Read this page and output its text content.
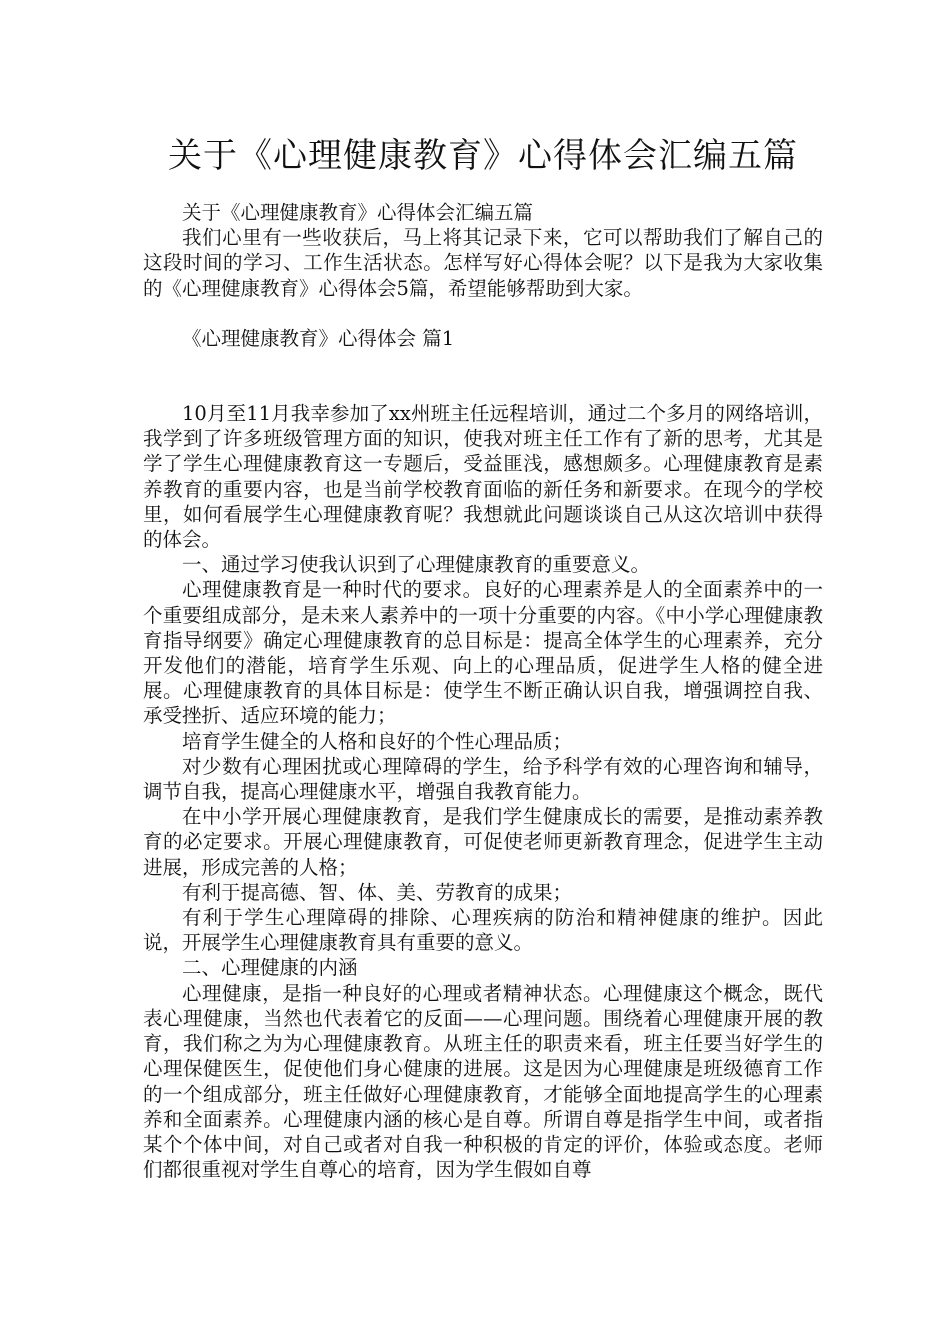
关于《心理健康教育》心得体会汇编五篇

关于《心理健康教育》心得体会汇编五篇

我们心里有一些收获后，马上将其记录下来，它可以帮助我们了解自己的这段时间的学习、工作生活状态。怎样写好心得体会呢？以下是我为大家收集的《心理健康教育》心得体会5篇，希望能够帮助到大家。

《心理健康教育》心得体会 篇1

10月至11月我幸参加了xx州班主任远程培训，通过二个多月的网络培训，我学到了许多班级管理方面的知识，使我对班主任工作有了新的思考，尤其是学了学生心理健康教育这一专题后，受益匪浅，感想颇多。心理健康教育是素养教育的重要内容，也是当前学校教育面临的新任务和新要求。在现今的学校里，如何看展学生心理健康教育呢？我想就此问题谈谈自己从这次培训中获得的体会。

一、通过学习使我认识到了心理健康教育的重要意义。

心理健康教育是一种时代的要求。良好的心理素养是人的全面素养中的一个重要组成部分，是未来人素养中的一项十分重要的内容。《中小学心理健康教育指导纲要》确定心理健康教育的总目标是：提高全体学生的心理素养，充分开发他们的潜能，培育学生乐观、向上的心理品质，促进学生人格的健全进展。心理健康教育的具体目标是：使学生不断正确认识自我，增强调控自我、承受挫折、适应环境的能力；

培育学生健全的人格和良好的个性心理品质；

对少数有心理困扰或心理障碍的学生，给予科学有效的心理咨询和辅导，调节自我，提高心理健康水平，增强自我教育能力。

在中小学开展心理健康教育，是我们学生健康成长的需要，是推动素养教育的必定要求。开展心理健康教育，可促使老师更新教育理念，促进学生主动进展，形成完善的人格；

有利于提高德、智、体、美、劳教育的成果；

有利于学生心理障碍的排除、心理疾病的防治和精神健康的维护。因此说，开展学生心理健康教育具有重要的意义。

二、心理健康的内涵

心理健康，是指一种良好的心理或者精神状态。心理健康这个概念，既代表心理健康，当然也代表着它的反面——心理问题。围绕着心理健康开展的教育，我们称之为为心理健康教育。从班主任的职责来看，班主任要当好学生的心理保健医生，促使他们身心健康的进展。这是因为心理健康是班级德育工作的一个组成部分，班主任做好心理健康教育，才能够全面地提高学生的心理素养和全面素养。心理健康内涵的核心是自尊。所谓自尊是指学生中间，或者指某个个体中间，对自己或者对自我一种积极的肯定的评价，体验或态度。老师们都很重视对学生自尊心的培育，因为学生假如自尊
